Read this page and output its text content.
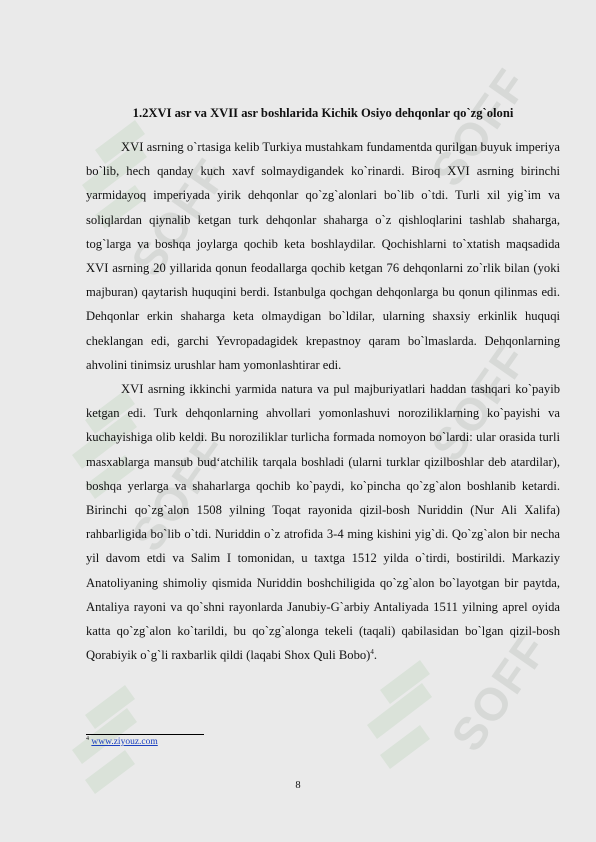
SOFF
SOFF
SOFF
SOFF
SOFF
1.2XVI asr va XVII asr boshlarida Kichik Osiyo dehqonlar qo`zg`oloni

XVI asrning o`rtasiga kelib Turkiya mustahkam fundamentda qurilgan buyuk imperiya bo`lib, hech qanday kuch xavf solmaydigandek ko`rinardi. Biroq XVI asrning birinchi yarmidayoq imperiyada yirik dehqonlar qo`zg`alonlari bo`lib o`tdi. Turli xil yig`im va soliqlardan qiynalib ketgan turk dehqonlar shaharga o`z qishloqlarini tashlab shaharga, tog`larga va boshqa joylarga qochib keta boshlaydilar. Qochishlarni to`xtatish maqsadida XVI asrning 20 yillarida qonun feodallarga qochib ketgan 76 dehqonlarni zo`rlik bilan (yoki majburan) qaytarish huquqini berdi. Istanbulga qochgan dehqonlarga bu qonun qilinmas edi. Dehqonlar erkin shaharga keta olmaydigan bo`ldilar, ularning shaxsiy erkinlik huquqi cheklangan edi, garchi Yevropadagidek krepastnoy qaram bo`lmaslarda. Dehqonlarning ahvolini tinimsiz urushlar ham yomonlashtirar edi.

XVI asrning ikkinchi yarmida natura va pul majburiyatlari haddan tashqari ko`payib ketgan edi. Turk dehqonlarning ahvollari yomonlashuvi noroziliklarning ko`payishi va kuchayishiga olib keldi. Bu noroziliklar turlicha formada nomoyon bo`lardi: ular orasida turli masxablarga mansub bud‘atchilik tarqala boshladi (ularni turklar qizilboshlar deb atardilar), boshqa yerlarga va shaharlarga qochib ko`paydi, ko`pincha qo`zg`alon boshlanib ketardi. Birinchi qo`zg`alon 1508 yilning Toqat rayonida qizil-bosh Nuriddin (Nur Ali Xalifa) rahbarligida bo`lib o`tdi. Nuriddin o`z atrofida 3-4 ming kishini yig`di. Qo`zg`alon bir necha yil davom etdi va Salim I tomonidan, u taxtga 1512 yilda o`tirdi, bostirildi. Markaziy Anatoliyaning shimoliy qismida Nuriddin boshchiligida qo`zg`alon bo`layotgan bir paytda, Antaliya rayoni va qo`shni rayonlarda Janubiy-G`arbiy Antaliyada 1511 yilning aprel oyida katta qo`zg`alon ko`tarildi, bu qo`zg`alonga tekeli (taqali) qabilasidan bo`lgan qizil-bosh Qorabiyik o`g`li raxbarlik qildi (laqabi Shox Quli Bobo)$^4$.

$^4$ www.ziyouz.com
8
